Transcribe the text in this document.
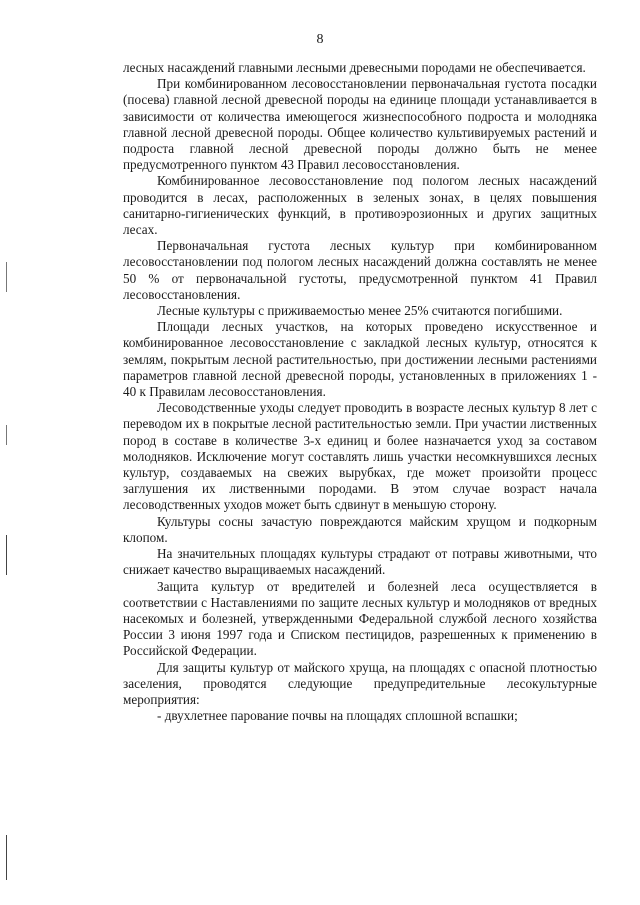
8

лесных насаждений главными лесными древесными породами не обеспечивается.

При комбинированном лесовосстановлении первоначальная густота посадки (посева) главной лесной древесной породы на единице площади устанавливается в зависимости от количества имеющегося жизнеспособного подроста и молодняка главной лесной древесной породы. Общее количество культивируемых растений и подроста главной лесной древесной породы должно быть не менее предусмотренного пунктом 43 Правил лесовосстановления.

Комбинированное лесовосстановление под пологом лесных насаждений проводится в лесах, расположенных в зеленых зонах, в целях повышения санитарно-гигиенических функций, в противоэрозионных и других защитных лесах.

Первоначальная густота лесных культур при комбинированном лесовосстановлении под пологом лесных насаждений должна составлять не менее 50 % от первоначальной густоты, предусмотренной пунктом 41 Правил лесовосстановления.

Лесные культуры с приживаемостью менее 25% считаются погибшими.

Площади лесных участков, на которых проведено искусственное и комбинированное лесовосстановление с закладкой лесных культур, относятся к землям, покрытым лесной растительностью, при достижении лесными растениями параметров главной лесной древесной породы, установленных в приложениях 1 - 40 к Правилам лесовосстановления.

Лесоводственные уходы следует проводить в возрасте лесных культур 8 лет с переводом их в покрытые лесной растительностью земли. При участии лиственных пород в составе в количестве 3-х единиц и более назначается уход за составом молодняков. Исключение могут составлять лишь участки несомкнувшихся лесных культур, создаваемых на свежих вырубках, где может произойти процесс заглушения их лиственными породами. В этом случае возраст начала лесоводственных уходов может быть сдвинут в меньшую сторону.

Культуры сосны зачастую повреждаются майским хрущом и подкорным клопом.

На значительных площадях культуры страдают от потравы животными, что снижает качество выращиваемых насаждений.

Защита культур от вредителей и болезней леса осуществляется в соответствии с Наставлениями по защите лесных культур и молодняков от вредных насекомых и болезней, утвержденными Федеральной службой лесного хозяйства России 3 июня 1997 года и Списком пестицидов, разрешенных к применению в Российской Федерации.

Для защиты культур от майского хруща, на площадях с опасной плотностью заселения, проводятся следующие предупредительные лесокультурные мероприятия:

- двухлетнее парование почвы на площадях сплошной вспашки;
